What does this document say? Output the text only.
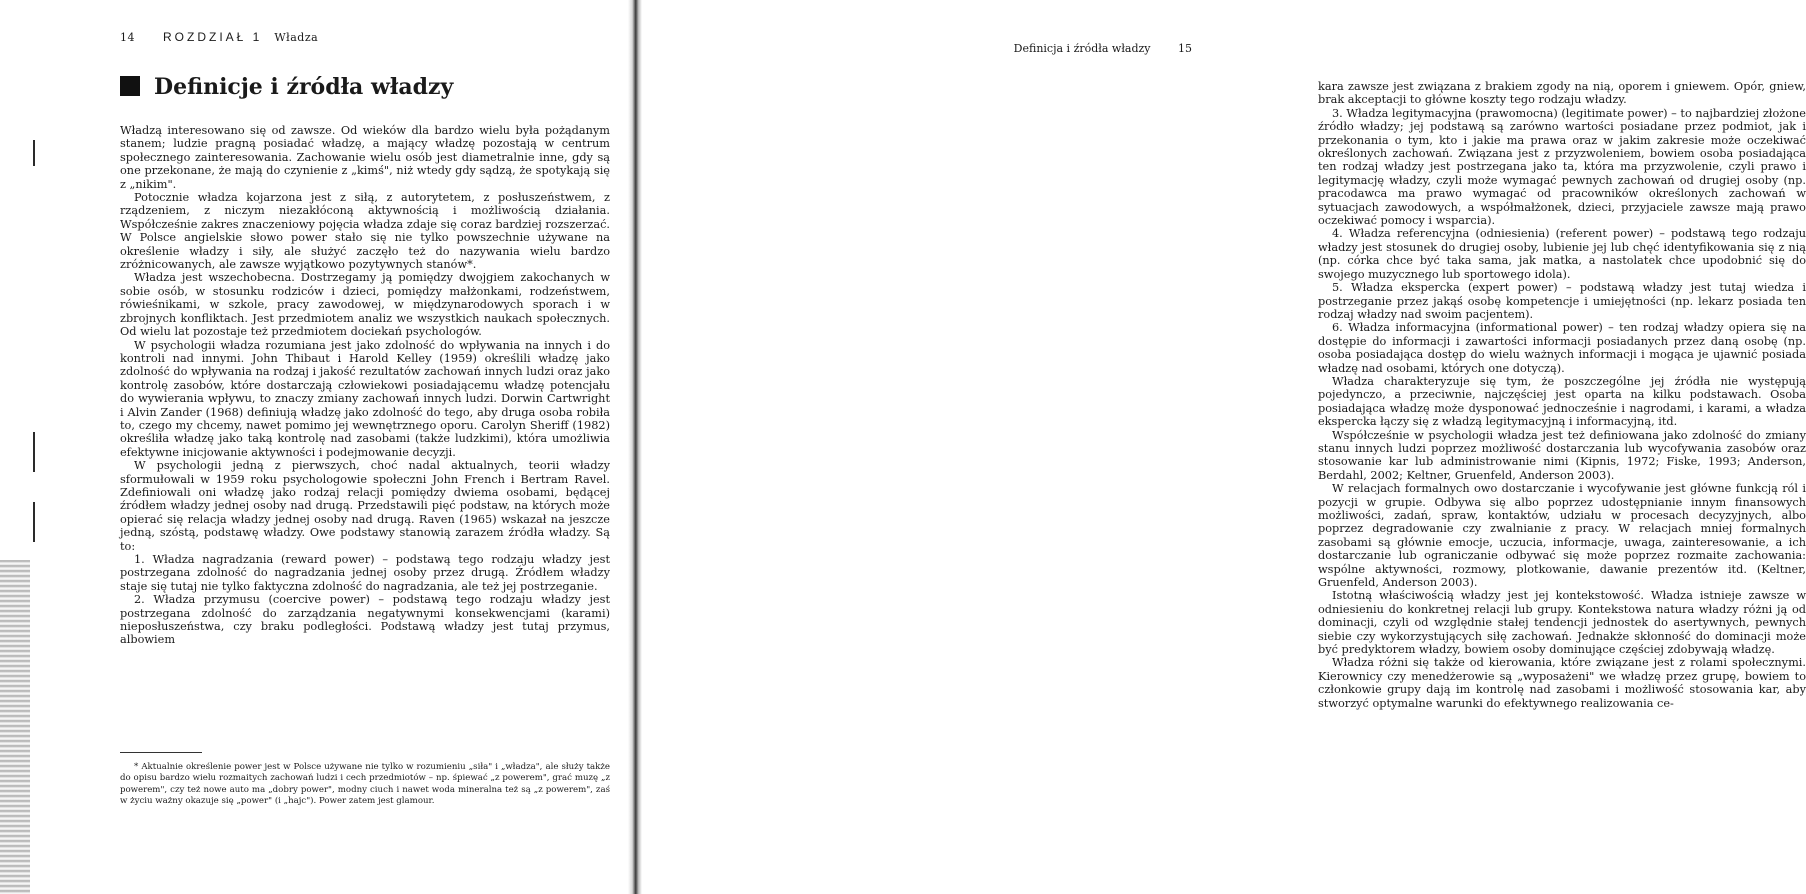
14 ROZDZIAŁ 1 Władza
Definicje i źródła władzy

Władzą interesowano się od zawsze. Od wieków dla bardzo wielu była pożądanym stanem; ludzie pragną posiadać władzę, a mający władzę pozostają w centrum społecznego zainteresowania. Zachowanie wielu osób jest diametralnie inne, gdy są one przekonane, że mają do czynienie z „kimś", niż wtedy gdy sądzą, że spotykają się z „nikim".

Potocznie władza kojarzona jest z siłą, z autorytetem, z posłuszeństwem, z rządzeniem, z niczym niezakłóconą aktywnością i możliwością działania. Współcześnie zakres znaczeniowy pojęcia władza zdaje się coraz bardziej rozszerzać. W Polsce angielskie słowo power stało się nie tylko powszechnie używane na określenie władzy i siły, ale służyć zaczęło też do nazywania wielu bardzo zróżnicowanych, ale zawsze wyjątkowo pozytywnych stanów*.

Władza jest wszechobecna. Dostrzegamy ją pomiędzy dwojgiem zakochanych w sobie osób, w stosunku rodziców i dzieci, pomiędzy małżonkami, rodzeństwem, rówieśnikami, w szkole, pracy zawodowej, w międzynarodowych sporach i w zbrojnych konfliktach. Jest przedmiotem analiz we wszystkich naukach społecznych. Od wielu lat pozostaje też przedmiotem dociekań psychologów.

W psychologii władza rozumiana jest jako zdolność do wpływania na innych i do kontroli nad innymi. John Thibaut i Harold Kelley (1959) określili władzę jako zdolność do wpływania na rodzaj i jakość rezultatów zachowań innych ludzi oraz jako kontrolę zasobów, które dostarczają człowiekowi posiadającemu władzę potencjału do wywierania wpływu, to znaczy zmiany zachowań innych ludzi. Dorwin Cartwright i Alvin Zander (1968) definiują władzę jako zdolność do tego, aby druga osoba robiła to, czego my chcemy, nawet pomimo jej wewnętrznego oporu. Carolyn Sheriff (1982) określiła władzę jako taką kontrolę nad zasobami (także ludzkimi), która umożliwia efektywne inicjowanie aktywności i podejmowanie decyzji.

W psychologii jedną z pierwszych, choć nadal aktualnych, teorii władzy sformułowali w 1959 roku psychologowie społeczni John French i Bertram Ravel. Zdefiniowali oni władzę jako rodzaj relacji pomiędzy dwiema osobami, będącej źródłem władzy jednej osoby nad drugą. Przedstawili pięć podstaw, na których może opierać się relacja władzy jednej osoby nad drugą. Raven (1965) wskazał na jeszcze jedną, szóstą, podstawę władzy. Owe podstawy stanowią zarazem źródła władzy. Są to:

1. Władza nagradzania (reward power) – podstawą tego rodzaju władzy jest postrzegana zdolność do nagradzania jednej osoby przez drugą. Źródłem władzy staje się tutaj nie tylko faktyczna zdolność do nagradzania, ale też jej postrzeganie.

2. Władza przymusu (coercive power) – podstawą tego rodzaju władzy jest postrzegana zdolność do zarządzania negatywnymi konsekwencjami (karami) nieposłuszeństwa, czy braku podległości. Podstawą władzy jest tutaj przymus, albowiem

* Aktualnie określenie power jest w Polsce używane nie tylko w rozumieniu „siła" i „władza", ale służy także do opisu bardzo wielu rozmaitych zachowań ludzi i cech przedmiotów – np. śpiewać „z powerem", grać muzę „z powerem", czy też nowe auto ma „dobry power", modny ciuch i nawet woda mineralna też są „z powerem", zaś w życiu ważny okazuje się „power" (i „hajc"). Power zatem jest glamour.

Definicja i źródła władzy	15

kara zawsze jest związana z brakiem zgody na nią, oporem i gniewem. Opór, gniew, brak akceptacji to główne koszty tego rodzaju władzy.

3. Władza legitymacyjna (prawomocna) (legitimate power) – to najbardziej złożone źródło władzy; jej podstawą są zarówno wartości posiadane przez podmiot, jak i przekonania o tym, kto i jakie ma prawa oraz w jakim zakresie może oczekiwać określonych zachowań. Związana jest z przyzwoleniem, bowiem osoba posiadająca ten rodzaj władzy jest postrzegana jako ta, która ma przyzwolenie, czyli prawo i legitymację władzy, czyli może wymagać pewnych zachowań od drugiej osoby (np. pracodawca ma prawo wymagać od pracowników określonych zachowań w sytuacjach zawodowych, a współmałżonek, dzieci, przyjaciele zawsze mają prawo oczekiwać pomocy i wsparcia).

4. Władza referencyjna (odniesienia) (referent power) – podstawą tego rodzaju władzy jest stosunek do drugiej osoby, lubienie jej lub chęć identyfikowania się z nią (np. córka chce być taka sama, jak matka, a nastolatek chce upodobnić się do swojego muzycznego lub sportowego idola).

5. Władza ekspercka (expert power) – podstawą władzy jest tutaj wiedza i postrzeganie przez jakąś osobę kompetencje i umiejętności (np. lekarz posiada ten rodzaj władzy nad swoim pacjentem).

6. Władza informacyjna (informational power) – ten rodzaj władzy opiera się na dostępie do informacji i zawartości informacji posiadanych przez daną osobę (np. osoba posiadająca dostęp do wielu ważnych informacji i mogąca je ujawnić posiada władzę nad osobami, których one dotyczą).

Władza charakteryzuje się tym, że poszczególne jej źródła nie występują pojedynczo, a przeciwnie, najczęściej jest oparta na kilku podstawach. Osoba posiadająca władzę może dysponować jednocześnie i nagrodami, i karami, a władza ekspercka łączy się z władzą legitymacyjną i informacyjną, itd.

Współcześnie w psychologii władza jest też definiowana jako zdolność do zmiany stanu innych ludzi poprzez możliwość dostarczania lub wycofywania zasobów oraz stosowanie kar lub administrowanie nimi (Kipnis, 1972; Fiske, 1993; Anderson, Berdahl, 2002; Keltner, Gruenfeld, Anderson 2003).

W relacjach formalnych owo dostarczanie i wycofywanie jest główne funkcją ról i pozycji w grupie. Odbywa się albo poprzez udostępnianie innym finansowych możliwości, zadań, spraw, kontaktów, udziału w procesach decyzyjnych, albo poprzez degradowanie czy zwalnianie z pracy. W relacjach mniej formalnych zasobami są głównie emocje, uczucia, informacje, uwaga, zainteresowanie, a ich dostarczanie lub ograniczanie odbywać się może poprzez rozmaite zachowania: wspólne aktywności, rozmowy, plotkowanie, dawanie prezentów itd. (Keltner, Gruenfeld, Anderson 2003).

Istotną właściwością władzy jest jej kontekstowość. Władza istnieje zawsze w odniesieniu do konkretnej relacji lub grupy. Kontekstowa natura władzy różni ją od dominacji, czyli od względnie stałej tendencji jednostek do asertywnych, pewnych siebie czy wykorzystujących siłę zachowań. Jednakże skłonność do dominacji może być predyktorem władzy, bowiem osoby dominujące częściej zdobywają władzę.

Władza różni się także od kierowania, które związane jest z rolami społecznymi. Kierownicy czy menedżerowie są „wyposażeni" we władzę przez grupę, bowiem to członkowie grupy dają im kontrolę nad zasobami i możliwość stosowania kar, aby stworzyć optymalne warunki do efektywnego realizowania ce-
